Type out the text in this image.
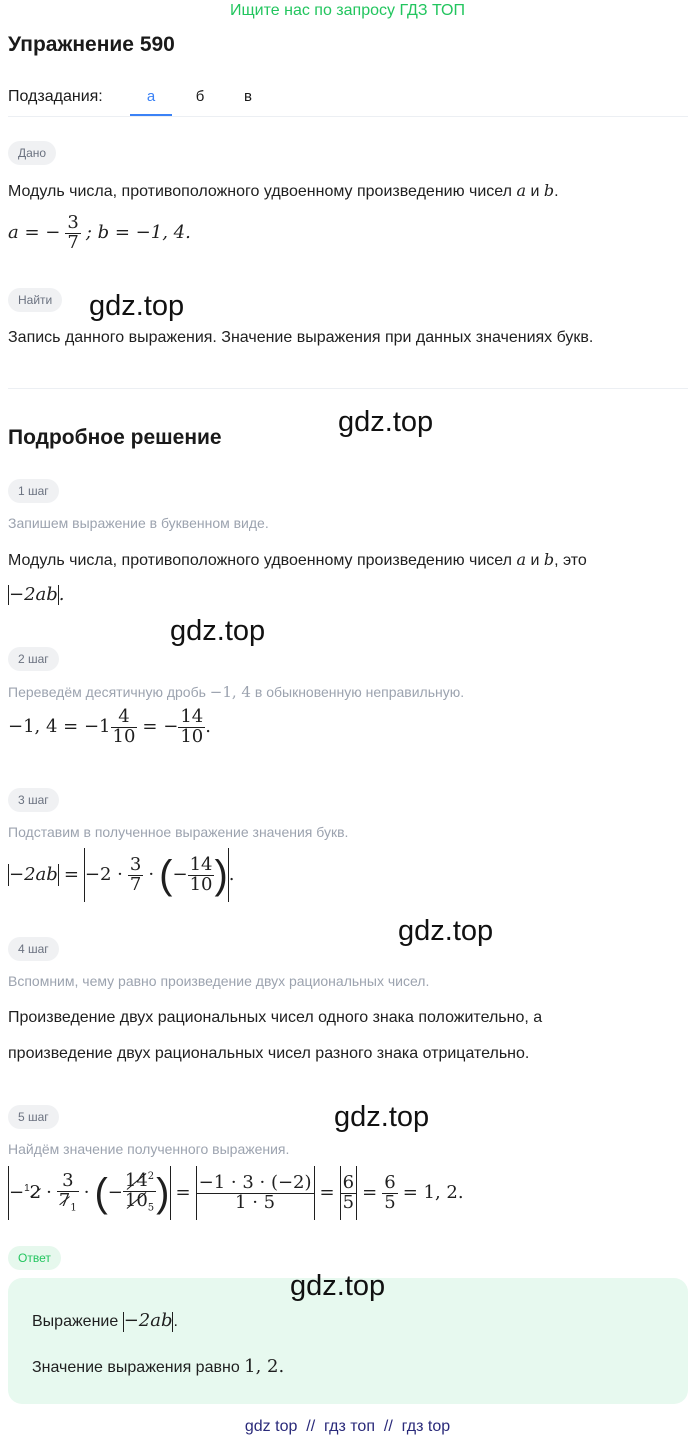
Ищите нас по запросу ГДЗ ТОП
Упражнение 590
Подзадания:	а	б	в
Дано
Модуль числа, противоположного удвоенному произведению чисел a и b.
a = − $\frac{3}{7}$ ; b = −1, 4.
Найти
Запись данного выражения. Значение выражения при данных значениях букв.
Подробное решение
1 шаг
Запишем выражение в буквенном виде.
Модуль числа, противоположного удвоенному произведению чисел a и b, это
−2ab.
2 шаг
Переведём десятичную дробь −1, 4 в обыкновенную неправильную.
−1, $4 = -1 \frac{4}{10}$ = − $\frac{14}{10}$ .
3 шаг
Подставим в полученное выражение значения букв.
$-2ab = -2 \cdot \frac{3}{7}$ · (− $\frac{14}{10}$ ).
4 шаг
Вспомним, чему равно произведение двух рациональных чисел.
Произведение двух рациональных чисел одного знака положительно, а
произведение двух рациональных чисел разного знака отрицательно.
5 шаг
Найдём значение полученного выражения.
$-^12 \cdot \frac{3}{7_1}$ · (− $\frac{14^2}{10_5}$ ) = $\frac{-1 \cdot 3 \cdot (-2)}{1 \cdot 5} = \frac{6}{5} = \frac{6}{5} = 1$, 2.
Ответ
Выражение −2ab.
Значение выражения равно 1, 2.
gdz.top
gdz.top
gdz.top
gdz.top
gdz.top
gdz.top
gdz top  //  гдз топ  //  гдз top
